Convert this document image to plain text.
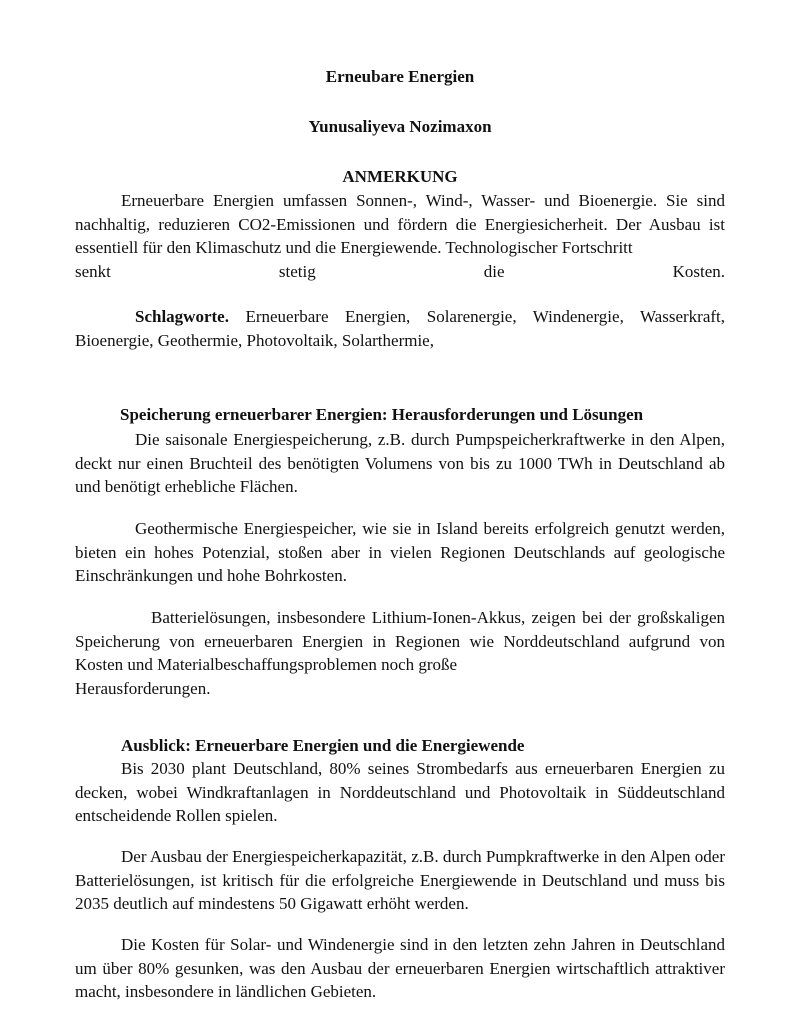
Erneubare Energien
Yunusaliyeva Nozimaxon
ANMERKUNG

Erneuerbare Energien umfassen Sonnen-, Wind-, Wasser- und Bioenergie. Sie sind nachhaltig, reduzieren CO2-Emissionen und fördern die Energiesicherheit. Der Ausbau ist essentiell für den Klimaschutz und die Energiewende. Technologischer Fortschritt

senkt stetig die Kosten.

Schlagworte. Erneuerbare Energien, Solarenergie, Windenergie, Wasserkraft, Bioenergie, Geothermie, Photovoltaik, Solarthermie,

Speicherung erneuerbarer Energien: Herausforderungen und Lösungen

Die saisonale Energiespeicherung, z.B. durch Pumpspeicherkraftwerke in den Alpen, deckt nur einen Bruchteil des benötigten Volumens von bis zu 1000 TWh in Deutschland ab und benötigt erhebliche Flächen.

Geothermische Energiespeicher, wie sie in Island bereits erfolgreich genutzt werden, bieten ein hohes Potenzial, stoßen aber in vielen Regionen Deutschlands auf geologische Einschränkungen und hohe Bohrkosten.

Batterielösungen, insbesondere Lithium-Ionen-Akkus, zeigen bei der großskaligen Speicherung von erneuerbaren Energien in Regionen wie Norddeutschland aufgrund von Kosten und Materialbeschaffungsproblemen noch große
Herausforderungen.

Ausblick: Erneuerbare Energien und die Energiewende

Bis 2030 plant Deutschland, 80% seines Strombedarfs aus erneuerbaren Energien zu decken, wobei Windkraftanlagen in Norddeutschland und Photovoltaik in Süddeutschland entscheidende Rollen spielen.

Der Ausbau der Energiespeicherkapazität, z.B. durch Pumpkraftwerke in den Alpen oder Batterielösungen, ist kritisch für die erfolgreiche Energiewende in Deutschland und muss bis 2035 deutlich auf mindestens 50 Gigawatt erhöht werden.

Die Kosten für Solar- und Windenergie sind in den letzten zehn Jahren in Deutschland um über 80% gesunken, was den Ausbau der erneuerbaren Energien wirtschaftlich attraktiver macht, insbesondere in ländlichen Gebieten.
